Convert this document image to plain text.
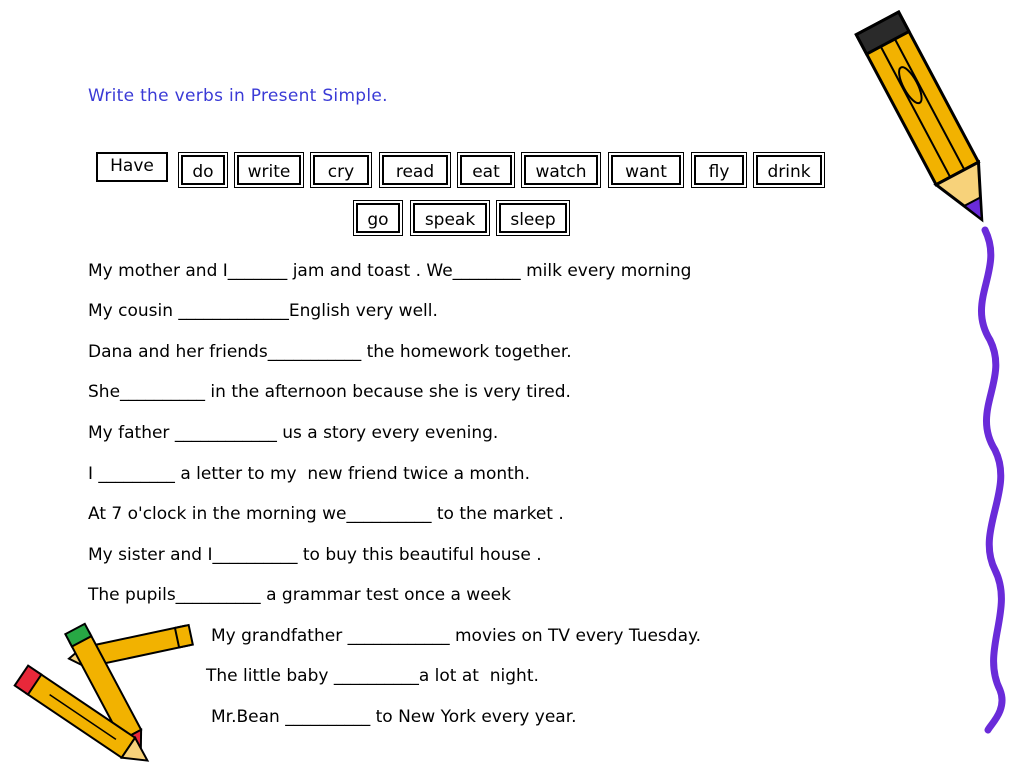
Write the verbs in Present Simple.
Have	do	write	cry	read	eat	watch	want	fly	drink
go	speak	sleep
My mother and I_______ jam and toast . We________ milk every morning
My cousin _____________English very well.
Dana and her friends___________ the homework together.
She__________ in the afternoon because she is very tired.
My father ____________ us a story every evening.
I _________ a letter to my  new friend twice a month.
At 7 o'clock in the morning we__________ to the market .
My sister and I__________ to buy this beautiful house .
The pupils__________ a grammar test once a week
My grandfather ____________ movies on TV every Tuesday.
The little baby __________a lot at  night.
Mr.Bean __________ to New York every year.
